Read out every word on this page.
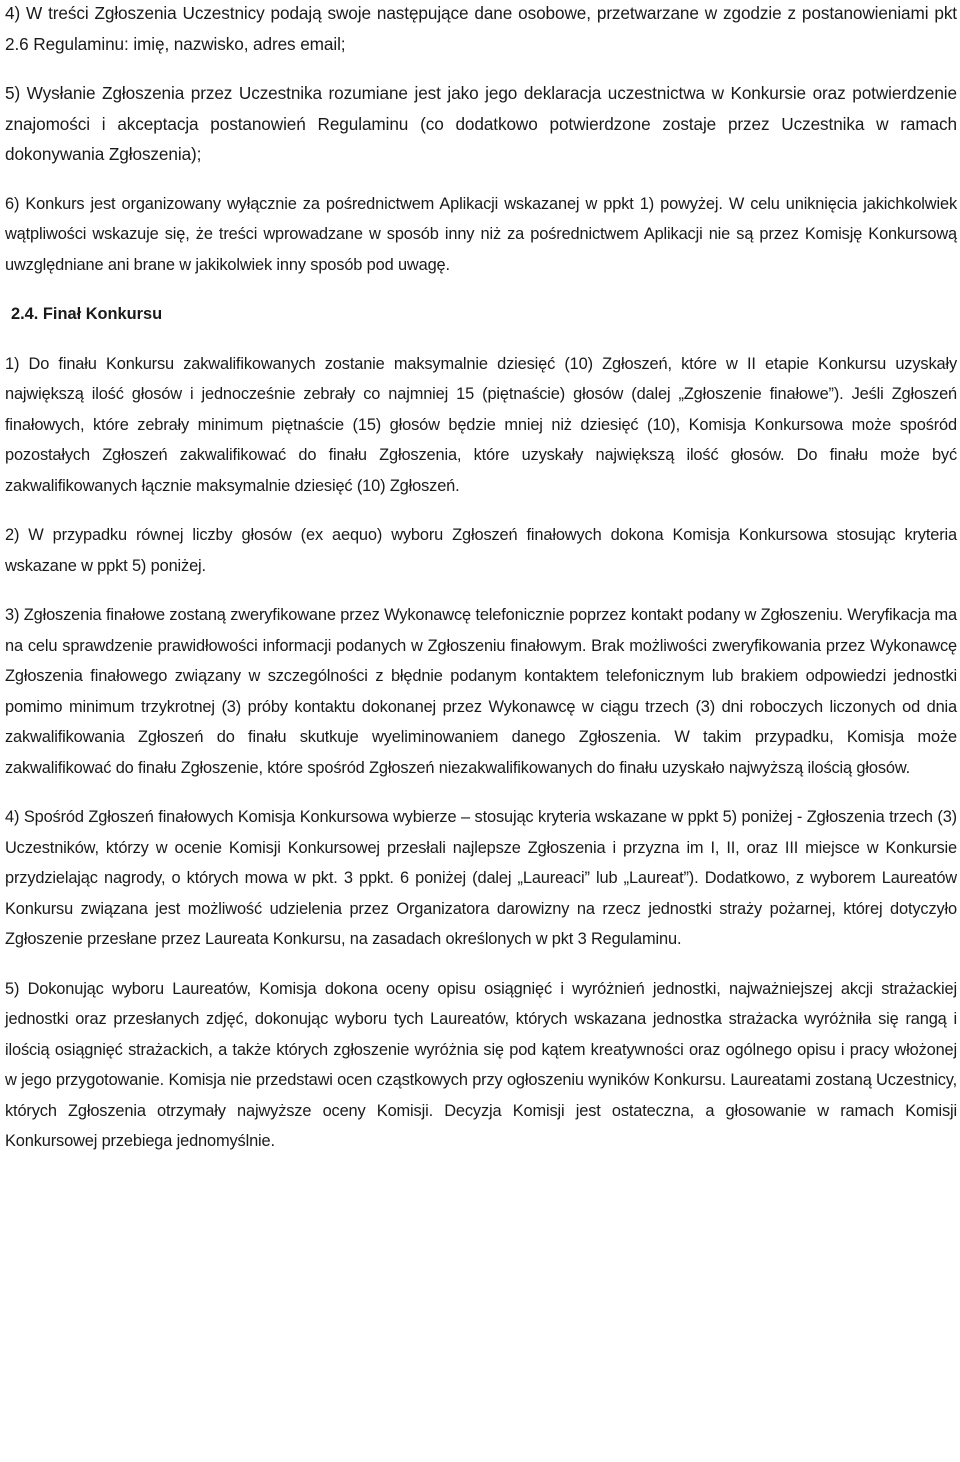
4) W treści Zgłoszenia Uczestnicy podają swoje następujące dane osobowe, przetwarzane w zgodzie z postanowieniami pkt 2.6 Regulaminu: imię, nazwisko, adres email;

5) Wysłanie Zgłoszenia przez Uczestnika rozumiane jest jako jego deklaracja uczestnictwa w Konkursie oraz potwierdzenie znajomości i akceptacja postanowień Regulaminu (co dodatkowo potwierdzone zostaje przez Uczestnika w ramach dokonywania Zgłoszenia);

6) Konkurs jest organizowany wyłącznie za pośrednictwem Aplikacji wskazanej w ppkt 1) powyżej. W celu uniknięcia jakichkolwiek wątpliwości wskazuje się, że treści wprowadzane w sposób inny niż za pośrednictwem Aplikacji nie są przez Komisję Konkursową uwzględniane ani brane w jakikolwiek inny sposób pod uwagę.

2.4. Finał Konkursu

1) Do finału Konkursu zakwalifikowanych zostanie maksymalnie dziesięć (10) Zgłoszeń, które w II etapie Konkursu uzyskały największą ilość głosów i jednocześnie zebrały co najmniej 15 (piętnaście) głosów (dalej „Zgłoszenie finałowe”). Jeśli Zgłoszeń finałowych, które zebrały minimum piętnaście (15) głosów będzie mniej niż dziesięć (10), Komisja Konkursowa może spośród pozostałych Zgłoszeń zakwalifikować do finału Zgłoszenia, które uzyskały największą ilość głosów. Do finału może być zakwalifikowanych łącznie maksymalnie dziesięć (10) Zgłoszeń.

2) W przypadku równej liczby głosów (ex aequo) wyboru Zgłoszeń finałowych dokona Komisja Konkursowa stosując kryteria wskazane w ppkt 5) poniżej.

3) Zgłoszenia finałowe zostaną zweryfikowane przez Wykonawcę telefonicznie poprzez kontakt podany w Zgłoszeniu. Weryfikacja ma na celu sprawdzenie prawidłowości informacji podanych w Zgłoszeniu finałowym. Brak możliwości zweryfikowania przez Wykonawcę Zgłoszenia finałowego związany w szczególności z błędnie podanym kontaktem telefonicznym lub brakiem odpowiedzi jednostki pomimo minimum trzykrotnej (3) próby kontaktu dokonanej przez Wykonawcę w ciągu trzech (3) dni roboczych liczonych od dnia zakwalifikowania Zgłoszeń do finału skutkuje wyeliminowaniem danego Zgłoszenia. W takim przypadku, Komisja może zakwalifikować do finału Zgłoszenie, które spośród Zgłoszeń niezakwalifikowanych do finału uzyskało najwyższą ilością głosów.

4) Spośród Zgłoszeń finałowych Komisja Konkursowa wybierze – stosując kryteria wskazane w ppkt 5) poniżej - Zgłoszenia trzech (3) Uczestników, którzy w ocenie Komisji Konkursowej przesłali najlepsze Zgłoszenia i przyzna im I, II, oraz III miejsce w Konkursie przydzielając nagrody, o których mowa w pkt. 3 ppkt. 6 poniżej (dalej „Laureaci” lub „Laureat”). Dodatkowo, z wyborem Laureatów Konkursu związana jest możliwość udzielenia przez Organizatora darowizny na rzecz jednostki straży pożarnej, której dotyczyło Zgłoszenie przesłane przez Laureata Konkursu, na zasadach określonych w pkt 3 Regulaminu.

5) Dokonując wyboru Laureatów, Komisja dokona oceny opisu osiągnięć i wyróżnień jednostki, najważniejszej akcji strażackiej jednostki oraz przesłanych zdjęć, dokonując wyboru tych Laureatów, których wskazana jednostka strażacka wyróżniła się rangą i ilością osiągnięć strażackich, a także których zgłoszenie wyróżnia się pod kątem kreatywności oraz ogólnego opisu i pracy włożonej w jego przygotowanie. Komisja nie przedstawi ocen cząstkowych przy ogłoszeniu wyników Konkursu. Laureatami zostaną Uczestnicy, których Zgłoszenia otrzymały najwyższe oceny Komisji. Decyzja Komisji jest ostateczna, a głosowanie w ramach Komisji Konkursowej przebiega jednomyślnie.
